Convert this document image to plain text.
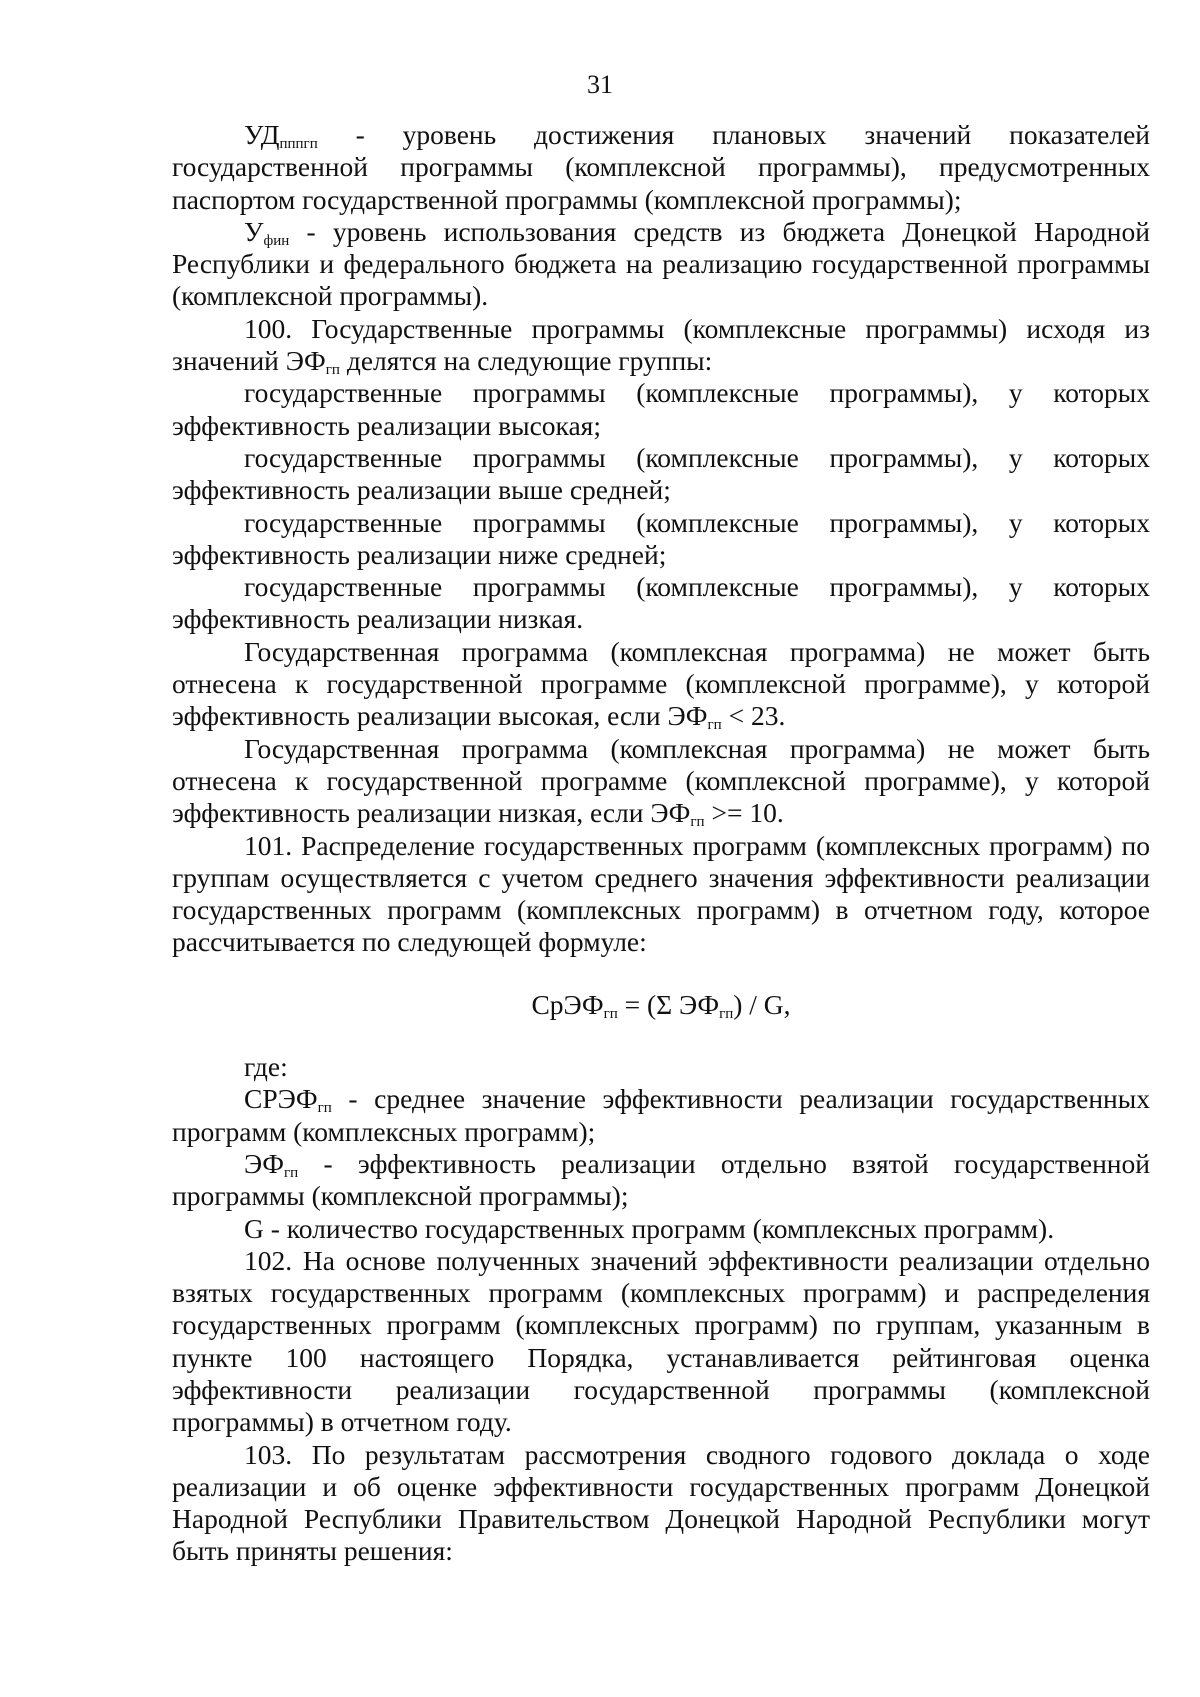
31

$УД_{пппгп}$ - уровень достижения плановых значений показателей государственной программы (комплексной программы), предусмотренных паспортом государственной программы (комплексной программы);

$У_{фин}$ - уровень использования средств из бюджета Донецкой Народной Республики и федерального бюджета на реализацию государственной программы (комплексной программы).

100. Государственные программы (комплексные программы) исходя из значений $ЭФ_{гп}$ делятся на следующие группы:

государственные программы (комплексные программы), у которых эффективность реализации высокая;

государственные программы (комплексные программы), у которых эффективность реализации выше средней;

государственные программы (комплексные программы), у которых эффективность реализации ниже средней;

государственные программы (комплексные программы), у которых эффективность реализации низкая.

Государственная программа (комплексная программа) не может быть отнесена к государственной программе (комплексной программе), у которой эффективность реализации высокая, если $ЭФ_{гп} < 23$.

Государственная программа (комплексная программа) не может быть отнесена к государственной программе (комплексной программе), у которой эффективность реализации низкая, если $ЭФ_{гп} >= 10$.

101. Распределение государственных программ (комплексных программ) по группам осуществляется с учетом среднего значения эффективности реализации государственных программ (комплексных программ) в отчетном году, которое рассчитывается по следующей формуле:

СрЭФ$_{гп}$ = (Σ $ЭФ_{гп}$) / G,

где:

$СРЭФ_{гп}$ - среднее значение эффективности реализации государственных программ (комплексных программ);

$ЭФ_{гп}$ - эффективность реализации отдельно взятой государственной программы (комплексной программы);

G - количество государственных программ (комплексных программ).

102. На основе полученных значений эффективности реализации отдельно взятых государственных программ (комплексных программ) и распределения государственных программ (комплексных программ) по группам, указанным в пункте 100 настоящего Порядка, устанавливается рейтинговая оценка эффективности реализации государственной программы (комплексной программы) в отчетном году.

103. По результатам рассмотрения сводного годового доклада о ходе реализации и об оценке эффективности государственных программ Донецкой Народной Республики Правительством Донецкой Народной Республики могут быть приняты решения:
